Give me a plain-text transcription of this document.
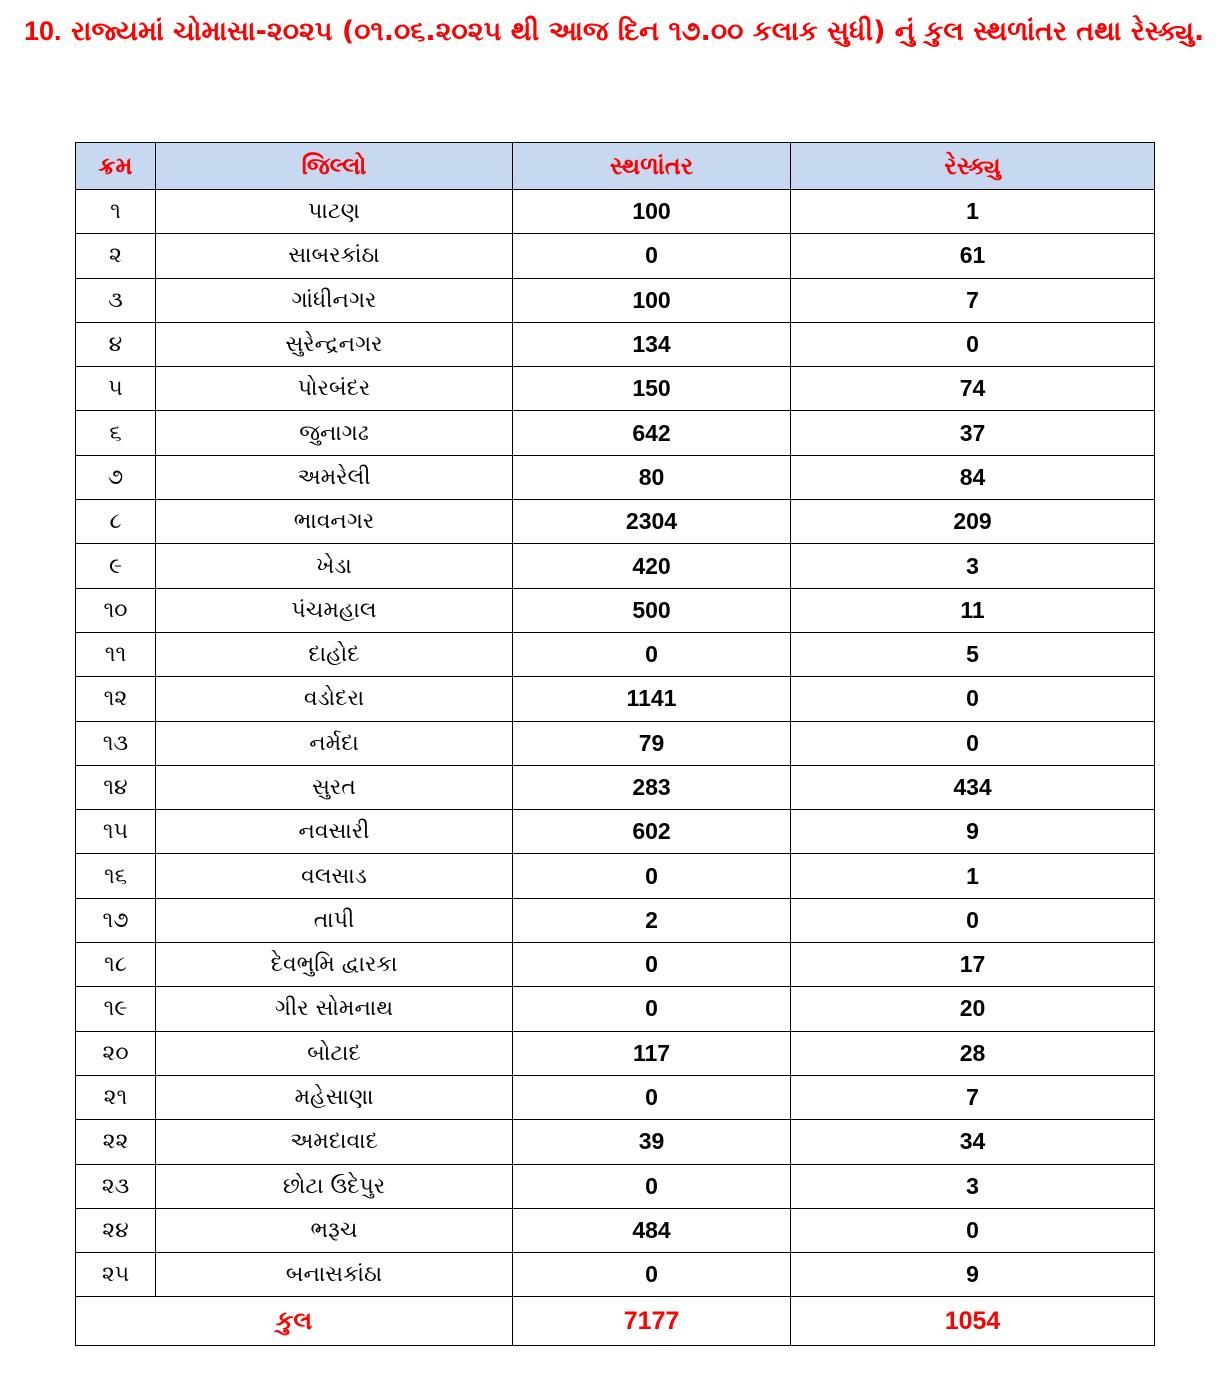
10. રાજ્યમાં ચોમાસા-૨૦૨૫ (૦૧.૦૬.૨૦૨૫ થી આજ દિન ૧૭.૦૦ કલાક સુધી) નું કુલ સ્થળાંતર તથા રેસ્ક્યુ.
ક્રમ	જિલ્લો	સ્થળાંતર	રેસ્ક્યુ
૧	પાટણ	100	1
૨	સાબરકાંઠા	0	61
૩	ગાંધીનગર	100	7
૪	સુરેન્દ્રનગર	134	0
૫	પોરબંદર	150	74
૬	જુનાગઢ	642	37
૭	અમરેલી	80	84
૮	ભાવનગર	2304	209
૯	ખેડા	420	3
૧૦	પંચમહાલ	500	11
૧૧	દાહોદ	0	5
૧૨	વડોદરા	1141	0
૧૩	નર્મદા	79	0
૧૪	સુરત	283	434
૧૫	નવસારી	602	9
૧૬	વલસાડ	0	1
૧૭	તાપી	2	0
૧૮	દેવભુમિ દ્વારકા	0	17
૧૯	ગીર સોમનાથ	0	20
૨૦	બોટાદ	117	28
૨૧	મહેસાણા	0	7
૨૨	અમદાવાદ	39	34
૨૩	છોટા ઉદેપુર	0	3
૨૪	ભરૂચ	484	0
૨૫	બનાસકાંઠા	0	9
કુલ		7177	1054
